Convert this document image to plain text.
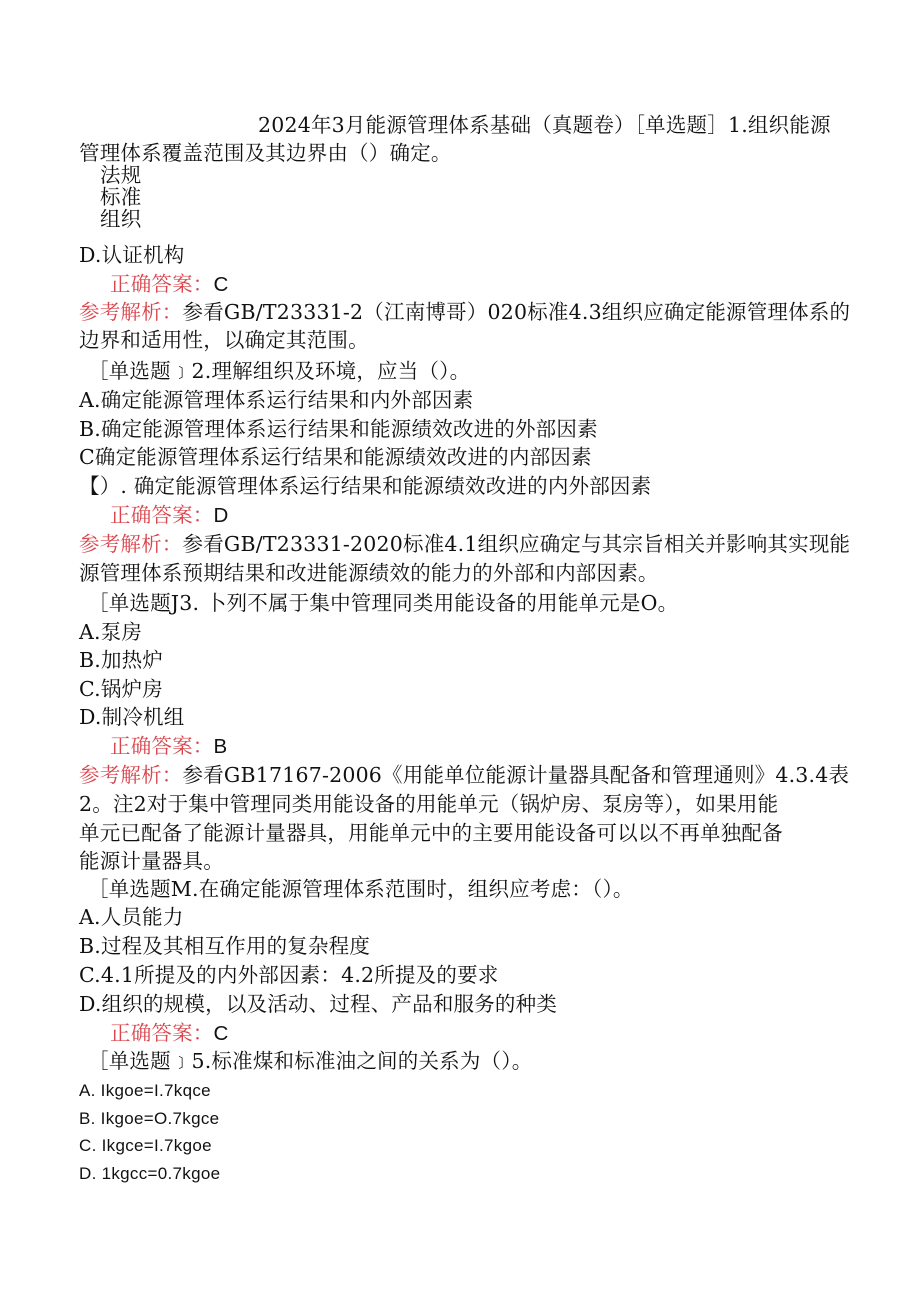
2024年3月能源管理体系基础（真题卷）［单选题］1.组织能源
管理体系覆盖范围及其边界由（）确定。
法规
标准
组织
D.认证机构
正确答案：C
参考解析：参看GB/T23331-2（江南博哥）020标准4.3组织应确定能源管理体系的
边界和适用性，以确定其范围。
［单选题﹞2.理解组织及环境，应当（）。
A.确定能源管理体系运行结果和内外部因素
B.确定能源管理体系运行结果和能源绩效改进的外部因素
C确定能源管理体系运行结果和能源绩效改进的内部因素
【）. 确定能源管理体系运行结果和能源绩效改进的内外部因素
正确答案：D
参考解析：参看GB/T23331-2020标准4.1组织应确定与其宗旨相关并影响其实现能
源管理体系预期结果和改进能源绩效的能力的外部和内部因素。
［单选题J3. 卜列不属于集中管理同类用能设备的用能单元是O。
A.泵房
B.加热炉
C.锅炉房
D.制冷机组
正确答案：B
参考解析：参看GB17167-2006《用能单位能源计量器具配备和管理通则》4.3.4表
2。注2对于集中管理同类用能设备的用能单元（锅炉房、泵房等），如果用能
单元已配备了能源计量器具，用能单元中的主要用能设备可以以不再单独配备
能源计量器具。
［单选题M.在确定能源管理体系范围时，组织应考虑：（）。
A.人员能力
B.过程及其相互作用的复杂程度
C.4.1所提及的内外部因素：4.2所提及的要求
D.组织的规模，以及活动、过程、产品和服务的种类
正确答案：C
［单选题﹞5.标准煤和标准油之间的关系为（）。
A. Ikgoe=I.7kqce
B. Ikgoe=O.7kgce
C. Ikgce=I.7kgoe
D. 1kgcc=0.7kgoe
